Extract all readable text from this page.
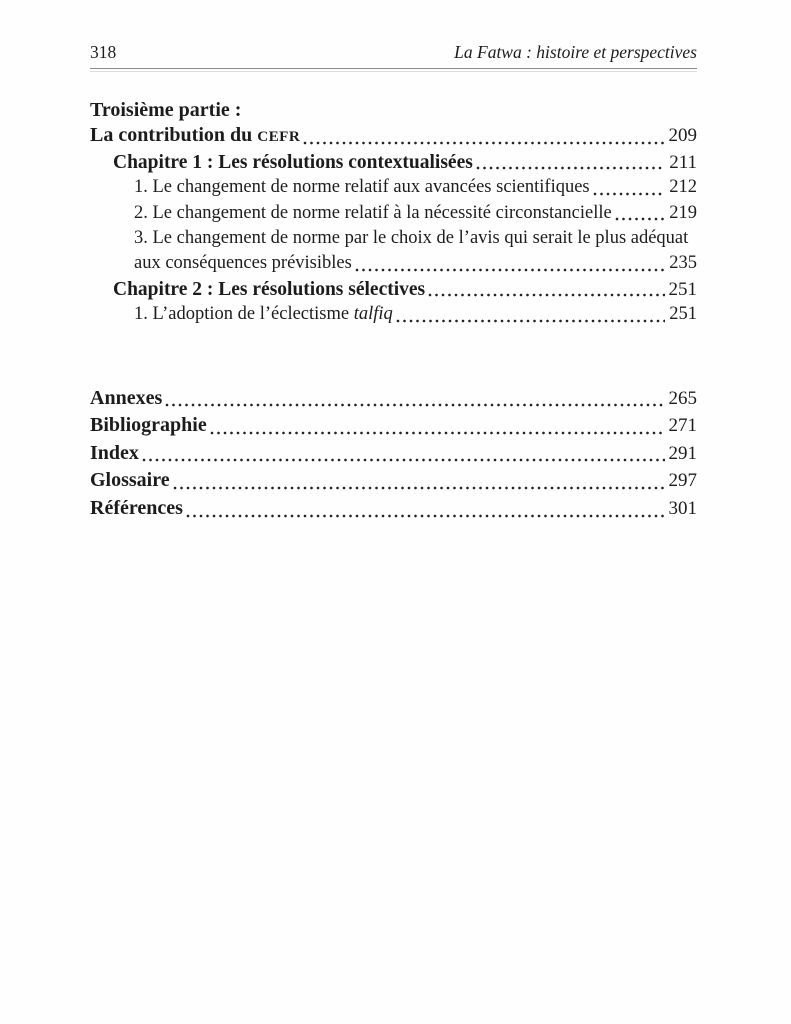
318	La Fatwa : histoire et perspectives
Troisième partie :
La contribution du CEFR	209
Chapitre 1 : Les résolutions contextualisées	211
1. Le changement de norme relatif aux avancées scientifiques	212
2. Le changement de norme relatif à la nécessité circonstancielle	219
3. Le changement de norme par le choix de l’avis qui serait le plus adéquat
aux conséquences prévisibles	235
Chapitre 2 : Les résolutions sélectives	251
1. L’adoption de l’éclectisme talfiq	251
Annexes	265
Bibliographie	271
Index	291
Glossaire	297
Références	301
